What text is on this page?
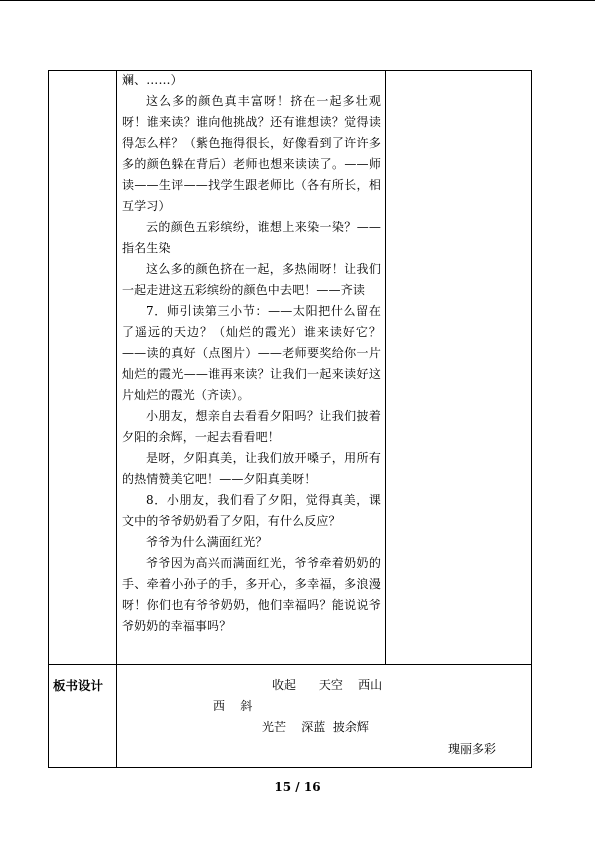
斓、……）

这么多的颜色真丰富呀！挤在一起多壮观呀！谁来读？谁向他挑战？还有谁想读？觉得读得怎么样？（紫色拖得很长，好像看到了许许多多的颜色躲在背后）老师也想来读读了。——师读——生评——找学生跟老师比（各有所长，相互学习）

云的颜色五彩缤纷，谁想上来染一染？——指名生染

这么多的颜色挤在一起，多热闹呀！让我们一起走进这五彩缤纷的颜色中去吧！——齐读

7．师引读第三小节：——太阳把什么留在了遥远的天边？（灿烂的霞光）谁来读好它？——读的真好（点图片）——老师要奖给你一片灿烂的霞光——谁再来读？让我们一起来读好这片灿烂的霞光（齐读）。

小朋友，想亲自去看看夕阳吗？让我们披着夕阳的余辉，一起去看看吧！

是呀，夕阳真美，让我们放开嗓子，用所有的热情赞美它吧！——夕阳真美呀！

8．小朋友，我们看了夕阳，觉得真美，课文中的爷爷奶奶看了夕阳，有什么反应？

爷爷为什么满面红光？

爷爷因为高兴而满面红光，爷爷牵着奶奶的手、牵着小孙子的手，多开心，多幸福，多浪漫呀！你们也有爷爷奶奶，他们幸福吗？能说说爷爷奶奶的幸福事吗？

板书设计	收起      天空    西山
西    斜
光芒    深蓝  披余辉
瑰丽多彩
15 / 16
